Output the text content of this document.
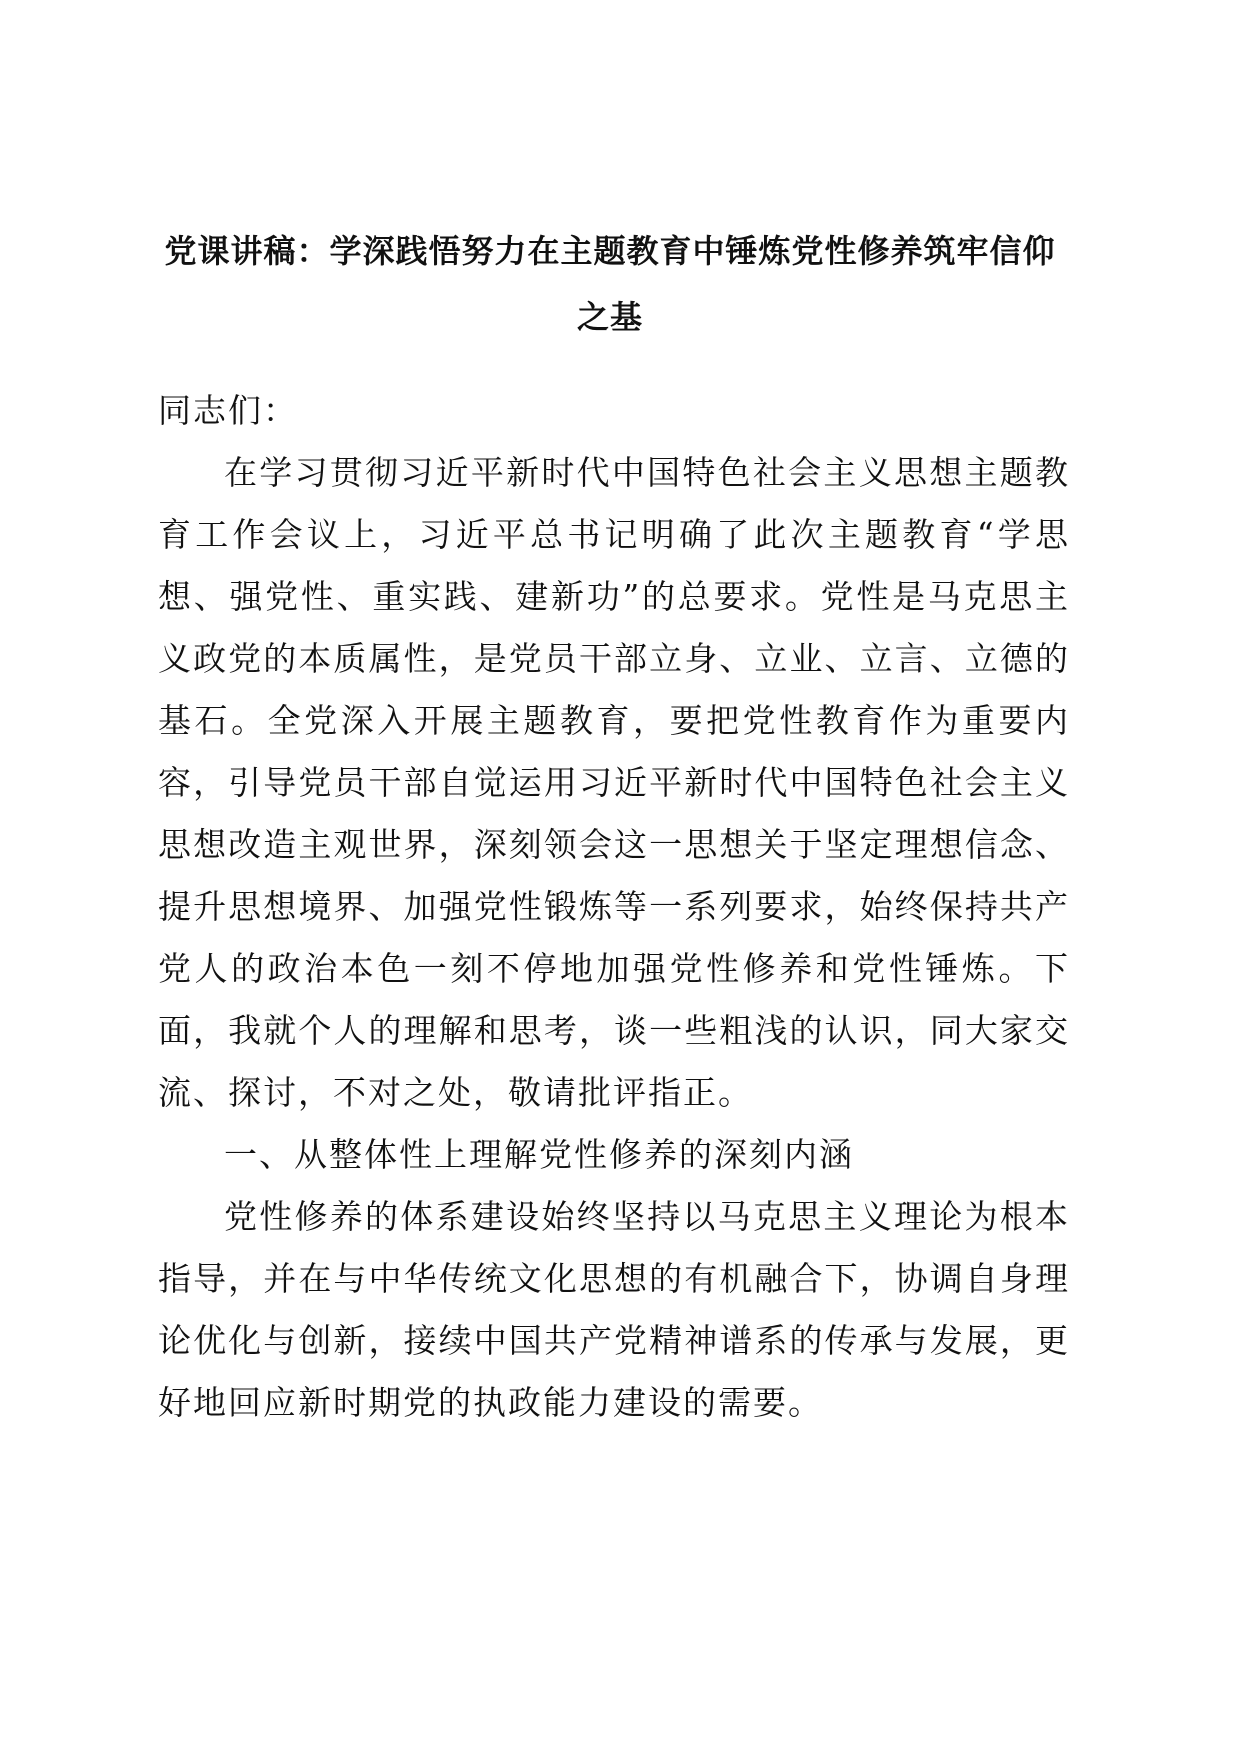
党课讲稿：学深践悟努力在主题教育中锤炼党性修养筑牢信仰
之基

同志们：

在学习贯彻习近平新时代中国特色社会主义思想主题教育工作会议上，习近平总书记明确了此次主题教育“学思想、强党性、重实践、建新功”的总要求。党性是马克思主义政党的本质属性，是党员干部立身、立业、立言、立德的基石。全党深入开展主题教育，要把党性教育作为重要内容，引导党员干部自觉运用习近平新时代中国特色社会主义思想改造主观世界，深刻领会这一思想关于坚定理想信念、提升思想境界、加强党性锻炼等一系列要求，始终保持共产党人的政治本色一刻不停地加强党性修养和党性锤炼。下面，我就个人的理解和思考，谈一些粗浅的认识，同大家交流、探讨，不对之处，敬请批评指正。

一、从整体性上理解党性修养的深刻内涵

党性修养的体系建设始终坚持以马克思主义理论为根本指导，并在与中华传统文化思想的有机融合下，协调自身理论优化与创新，接续中国共产党精神谱系的传承与发展，更好地回应新时期党的执政能力建设的需要。
